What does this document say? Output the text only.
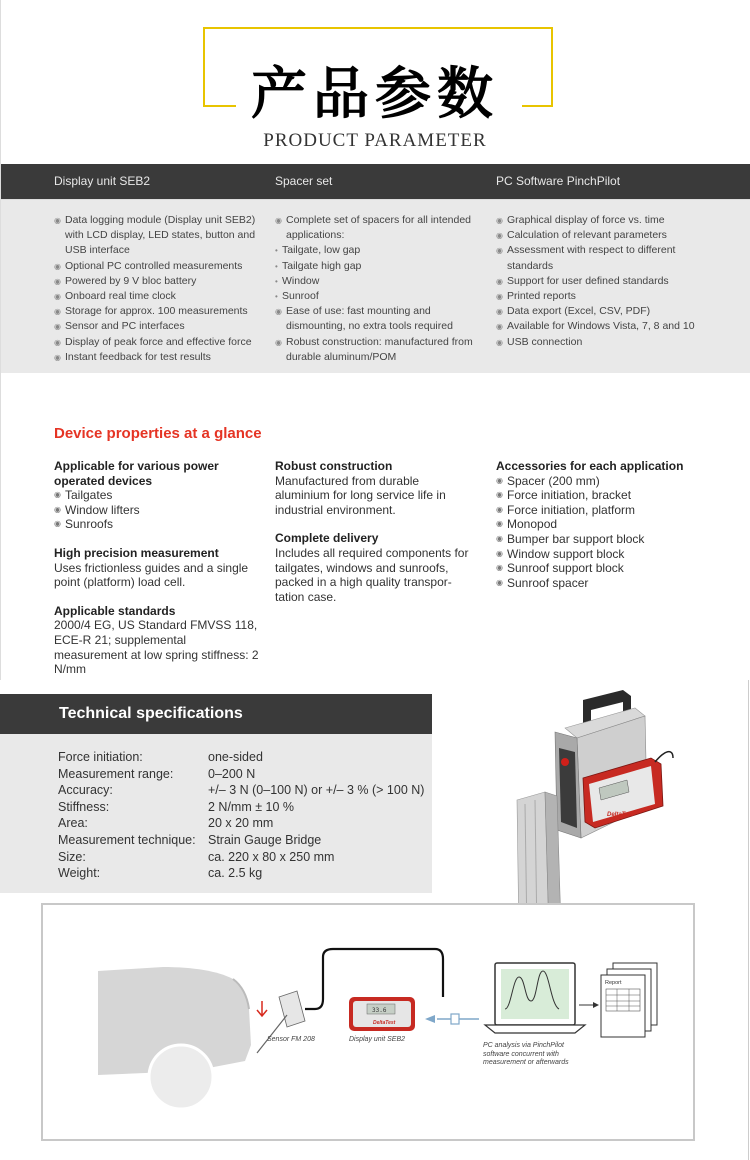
产品参数
PRODUCT PARAMETER
Display unit SEB2	Spacer set	PC Software PinchPilot
◉ Data logging module (Display unit SEB2) with LCD display, LED states, button and USB interface
◉ Optional PC controlled measurements
◉ Powered by 9 V bloc battery
◉ Onboard real time clock
◉ Storage for approx. 100 measurements
◉ Sensor and PC interfaces
◉ Display of peak force and effective force
◉ Instant feedback for test results
◉ Complete set of spacers for all intended applications:
• Tailgate, low gap
• Tailgate high gap
• Window
• Sunroof
◉ Ease of use: fast mounting and dismounting, no extra tools required
◉ Robust construction: manufactured from durable aluminum/POM
◉ Graphical display of force vs. time
◉ Calculation of relevant parameters
◉ Assessment with respect to different standards
◉ Support for user defined standards
◉ Printed reports
◉ Data export (Excel, CSV, PDF)
◉ Available for Windows Vista, 7, 8 and 10
◉ USB connection
Device properties at a glance
Applicable for various power operated devices
◉ Tailgates
◉ Window lifters
◉ Sunroofs
High precision measurement

Uses frictionless guides and a single point (platform) load cell.

Applicable standards

2000/4 EG, US Standard FMVSS 118, ECE-R 21; supplemental measurement at low spring stiffness: 2 N/mm

Robust construction

Manufactured from durable aluminium for long service life in industrial environment.

Complete delivery

Includes all required components for tailgates, windows and sunroofs, packed in a high quality transpor-tation case.

Accessories for each application
◉ Spacer (200 mm)
◉ Force initiation, bracket
◉ Force initiation, platform
◉ Monopod
◉ Bumper bar support block
◉ Window support block
◉ Sunroof support block
◉ Sunroof spacer
Technical specifications
Force initiation:	one-sided
Measurement range:	0–200 N
Accuracy:	+/– 3 N (0–100 N) or +/– 3 % (> 100 N)
Stiffness:	2 N/mm ± 10 %
Area:	20 x 20 mm
Measurement technique: Strain Gauge Bridge
Size:	ca. 220 x 80 x 250 mm
Weight:	ca. 2.5 kg
DeltaTest
33.6
DeltaTest
Report
Sensor FM 208	Display unit SEB2
PC analysis via PinchPilot software concurrent with measurement or afterwards
